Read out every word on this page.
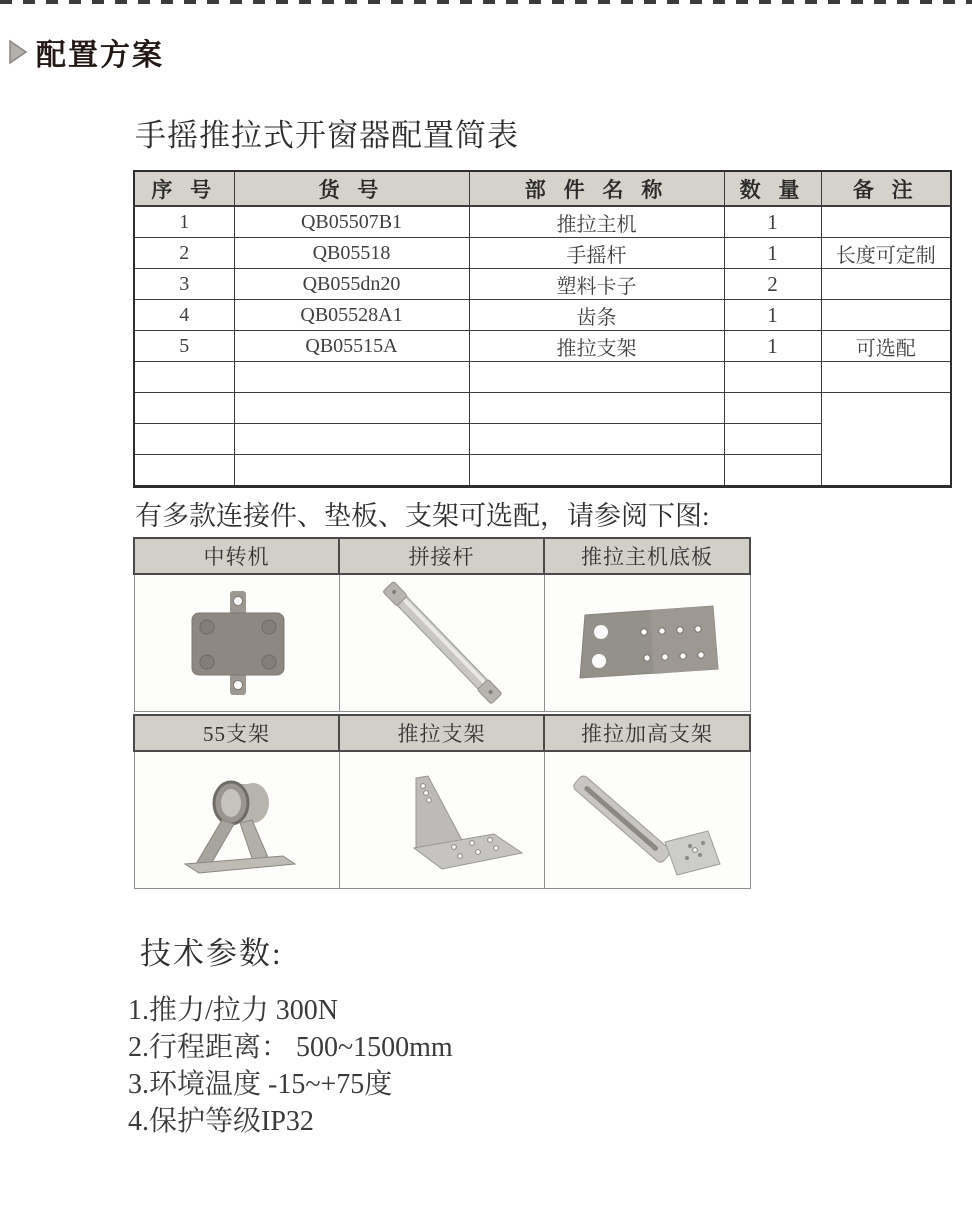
配置方案
手摇推拉式开窗器配置简表
序 号	货 号	部 件 名 称	数 量	备 注
1	QB05507B1	推拉主机	1	
2	QB05518	手摇杆	1	长度可定制
3	QB055dn20	塑料卡子	2	
4	QB05528A1	齿条	1	
5	QB05515A	推拉支架	1	可选配

有多款连接件、垫板、支架可选配，请参阅下图:
中转机	拼接杆	推拉主机底板

55支架	推拉支架	推拉加高支架

技术参数:
1.推力/拉力 300N
2.行程距离： 500~1500mm
3.环境温度 -15~+75度
4.保护等级IP32
